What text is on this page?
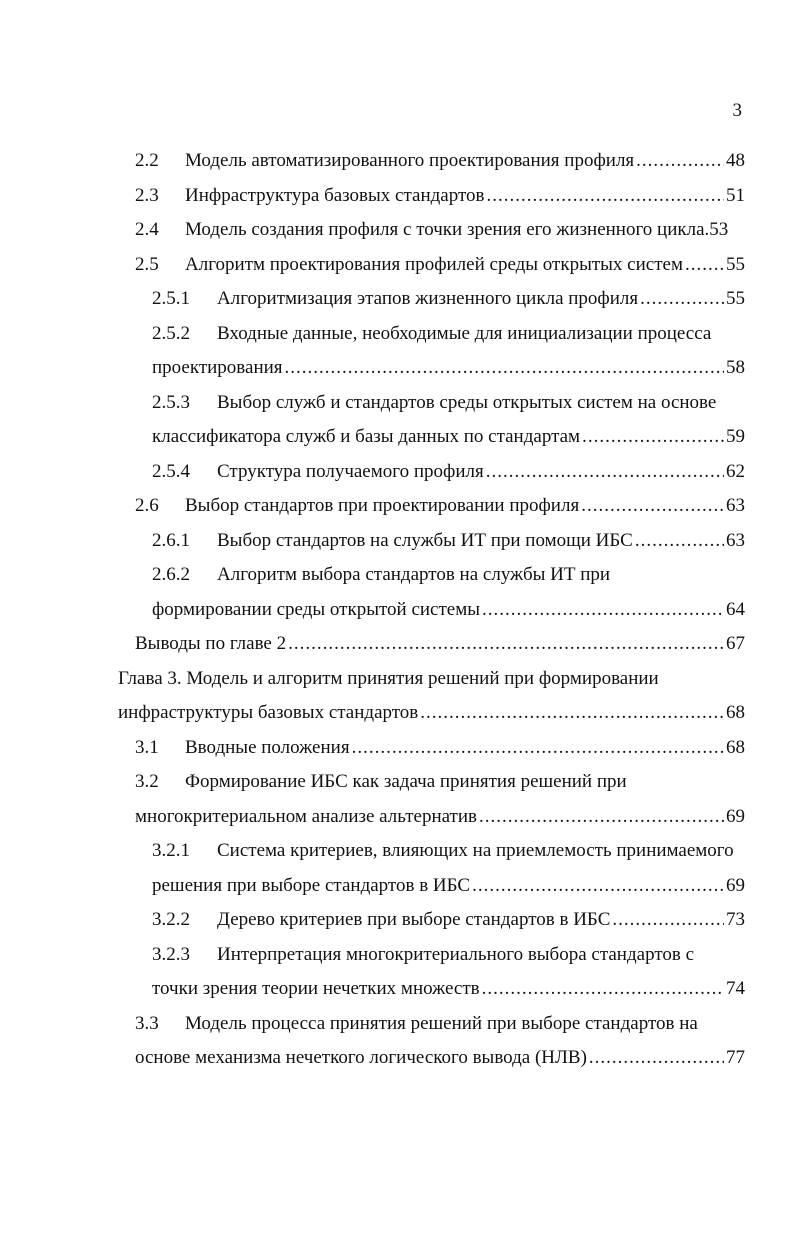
3
2.2	Модель автоматизированного проектирования профиля .....	48
2.3	Инфраструктура базовых стандартов .....	51
2.4	Модель создания профиля с точки зрения его жизненного цикла. 53
2.5	Алгоритм проектирования профилей среды открытых систем ..... 55
2.5.1	Алгоритмизация этапов жизненного цикла профиля .....	55
2.5.2	Входные данные, необходимые для инициализации процесса
проектирования .....	58
2.5.3	Выбор служб и стандартов среды открытых систем на основе
классификатора служб и базы данных по стандартам .....	59
2.5.4	Структура получаемого профиля .....	62
2.6	Выбор стандартов при проектировании профиля .....	63
2.6.1	Выбор стандартов на службы ИТ при помощи ИБС .....	63
2.6.2	Алгоритм выбора стандартов на службы ИТ при
формировании среды открытой системы .....	64
Выводы по главе 2 .....	67
Глава 3. Модель и алгоритм принятия решений при формировании
инфраструктуры базовых стандартов .....	68
3.1	Вводные положения .....	68
3.2	Формирование ИБС как задача принятия решений при
многокритериальном анализе альтернатив .....	69
3.2.1	Система критериев, влияющих на приемлемость принимаемого
решения при выборе стандартов в ИБС .....	69
3.2.2	Дерево критериев при выборе стандартов в ИБС .....	73
3.2.3	Интерпретация многокритериального выбора стандартов с
точки зрения теории нечетких множеств .....	74
3.3	Модель процесса принятия решений при выборе стандартов на
основе механизма нечеткого логического вывода (НЛВ) .....	77
